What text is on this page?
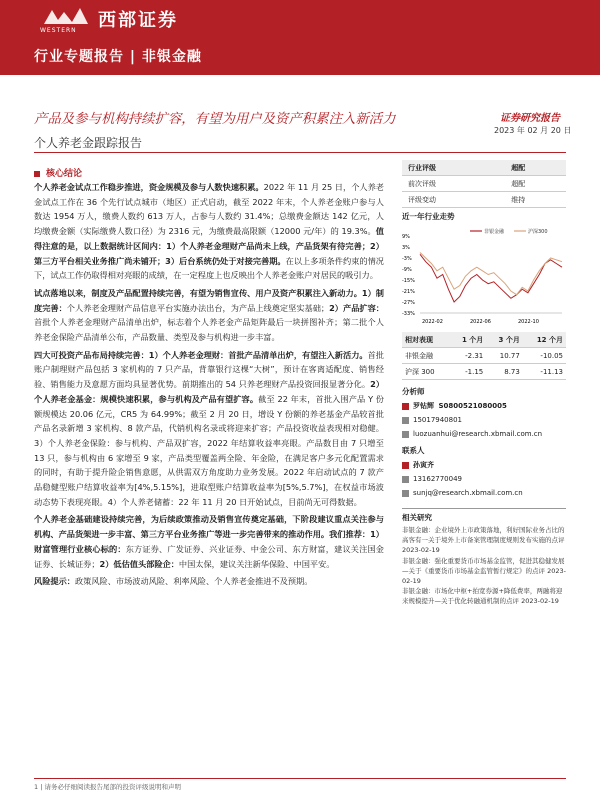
WESTERN 西部证券
行业专题报告 | 非银金融
产品及参与机构持续扩容，有望为用户及资产积累注入新活力
个人养老金跟踪报告
证券研究报告
2023 年 02 月 20 日
核心结论

个人养老金试点工作稳步推进，资金规模及参与人数快速积累。2022 年 11 月 25 日，个人养老金试点工作在 36 个先行试点城市（地区）正式启动，截至 2022 年末，个人养老金账户参与人数达 1954 万人，缴费人数约 613 万人，占参与人数约 31.4%；总缴费金额达 142 亿元，人均缴费金额（实际缴费人数口径）为 2316 元，为缴费最高限额（12000 元/年）的 19.3%。值得注意的是，以上数据统计区间内：1）个人养老金理财产品尚未上线，产品货架有待完善；2）第三方平台相关业务推广尚未铺开；3）后台系统仍处于对接完善期。在以上多项条件约束的情况下，试点工作仍取得相对亮眼的成绩，在一定程度上也反映出个人养老金账户对居民的吸引力。

试点落地以来，制度及产品配置持续完善，有望为销售宣传、用户及资产积累注入新动力。1）制度完善：个人养老金理财产品信息平台实施办法出台，为产品上线奠定坚实基础；2）产品扩容：首批个人养老金理财产品清单出炉，标志着个人养老金产品矩阵最后一块拼图补齐；第二批个人养老金保险产品清单公布，产品数量、类型及参与机构进一步丰富。

四大可投资产品布局持续完善：1）个人养老金理财：首批产品清单出炉，有望注入新活力。首批账户制理财产品包括 3 家机构的 7 只产品，背靠银行这棵“大树”，预计在客离适配度、销售经验、销售能力及意愿方面均具显著优势。前期推出的 54 只养老理财产品投资回报显著分化。2）个人养老金基金：规模快速积累，参与机构及产品有望扩容。截至 22 年末，首批入围产品 Y 份额规模达 20.06 亿元，CR5 为 64.99%；截至 2 月 20 日，增设 Y 份额的养老基金产品较首批产品名录新增 3 家机构、8 款产品，代销机构名录或将迎来扩容；产品投资收益表现相对稳健。3）个人养老金保险：参与机构、产品双扩容，2022 年结算收益率亮眼。产品数目由 7 只增至 13 只，参与机构由 6 家增至 9 家，产品类型覆盖两全险、年金险，在满足客户多元化配置需求的同时，有助于提升险企销售意愿，从供需双方角度助力业务发展。2022 年启动试点的 7 款产品稳健型账户结算收益率为[4%,5.15%]，进取型账户结算收益率为[5%,5.7%]，在权益市场波动态势下表现亮眼。4）个人养老储蓄：22 年 11 月 20 日开始试点，目前尚无可得数据。

个人养老金基础建设持续完善，为后续政策推动及销售宣传奠定基础，下阶段建议重点关注参与机构、产品货架进一步丰富、第三方平台业务推广等进一步完善带来的推动作用。我们推荐：1）财富管理行业核心标的：东方证券、广发证券、兴业证券、中金公司、东方财富，建议关注国金证券、长城证券；2）低估值头部险企：中国太保，建议关注新华保险、中国平安。

风险提示：政策风险、市场波动风险、利率风险、个人养老金推进不及预期。

行业评级	超配
前次评级	超配
评级变动	维持
近一年行业走势
非银金融	沪深300
9%
3%
-3%
-9%
-15%
-21%
-27%
-33%
2022-02	2022-06	2022-10
相对表现	1 个月	3 个月	12 个月
非银金融	-2.31	10.77	-10.05
沪深 300	-1.15	8.73	-11.13
分析师
罗钻辉 S0800521080005
15017940801
luozuanhui@research.xbmail.com.cn
联系人
孙寅齐
13162770049
sunjq@research.xbmail.com.cn
相关研究
非银金融：企业境外上市政策落地，利好国际业务占比的高客有一关于境外上市备案管理制度规则发布实施的点评 2023-02-19
非银金融：强化重要货币市场基金监管，促进其稳健发展—关于《重要货币市场基金监管暂行规定》的点评 2023-02-19
非银金融：市场化中枢+拍宽券源+降低费率，两融将迎来规模提升—关于优化转融通机制的点评 2023-02-19
1 | 请务必仔细阅读报告尾部的投资评级说明和声明
